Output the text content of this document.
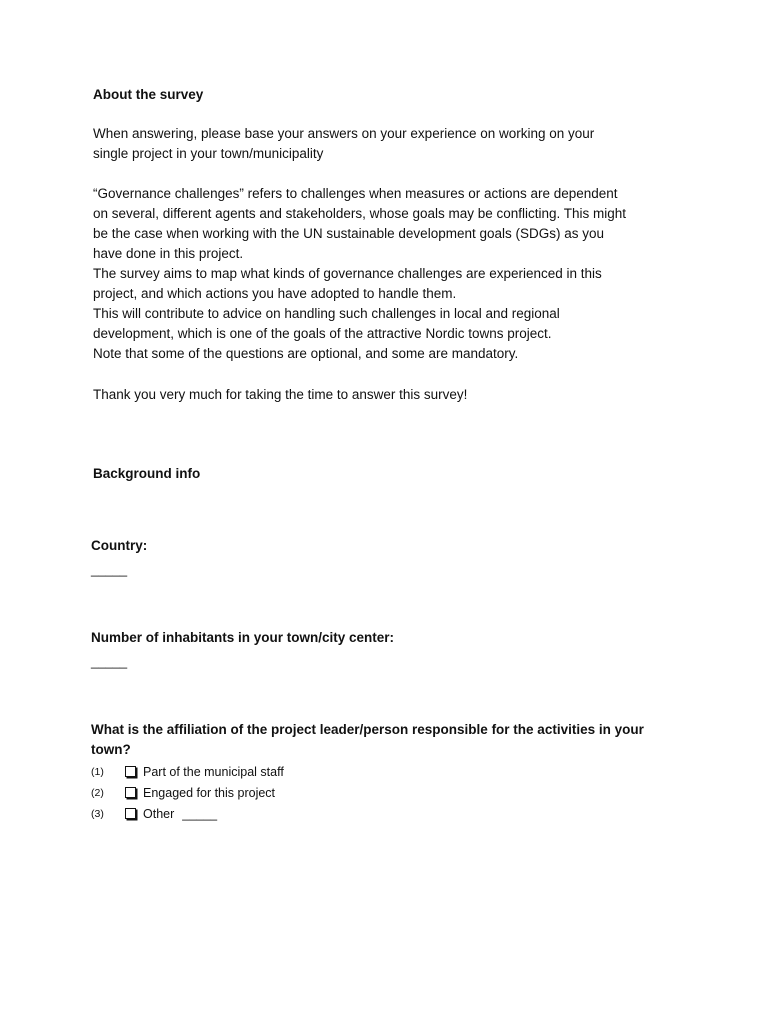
About the survey

When answering, please base your answers on your experience on working on your
single project in your town/municipality

“Governance challenges” refers to challenges when measures or actions are dependent
on several, different agents and stakeholders, whose goals may be conflicting. This might
be the case when working with the UN sustainable development goals (SDGs) as you
have done in this project.
The survey aims to map what kinds of governance challenges are experienced in this
project, and which actions you have adopted to handle them.
This will contribute to advice on handling such challenges in local and regional
development, which is one of the goals of the attractive Nordic towns project.
Note that some of the questions are optional, and some are mandatory.

Thank you very much for taking the time to answer this survey!

Background info
Country:
_____
Number of inhabitants in your town/city center:
_____

What is the affiliation of the project leader/person responsible for the activities in your
town?

(1)	Part of the municipal staff
(2)	Engaged for this project
(3)	Other _____
